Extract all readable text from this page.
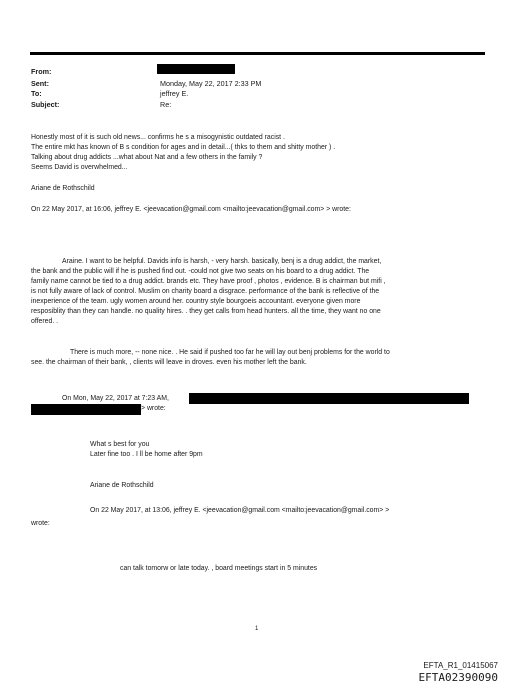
From:
Sent:	Monday, May 22, 2017 2:33 PM
To:	jeffrey E.
Subject:	Re:
Honestly most of it is such old news... confirms he s a misogynistic outdated racist .
The entire mkt has known of B s condition for ages and in detail...( thks to them and shitty mother ) .
Talking about drug addicts ...what about Nat and a few others in the family ?
Seems David is overwhelmed...
Ariane de Rothschild
On 22 May 2017, at 16:06, jeffrey E. <jeevacation@gmail.com <mailto:jeevacation@gmail.com> > wrote:
Araine. I want to be helpful. Davids info is harsh, - very harsh. basically, benj is a drug addict, the market,
the bank and the public will if he is pushed find out. -could not give two seats on his board to a drug addict. The
family name cannot be tied to a drug addict. brands etc. They have proof , photos , evidence. B is chairman but mifi ,
is not fully aware of lack of control. Muslim on charity board a disgrace. performance of the bank is reflective of the
inexperience of the team. ugly women around her. country style bourgoeis accountant. everyone given more
resposiblity than they can handle. no quality hires. . they get calls from head hunters. all the time, they want no one
offered. .
There is much more, -- none nice. . He said if pushed too far he will lay out benj problems for the world to
see. the chairman of their bank, , clients will leave in droves. even his mother left the bank.
On Mon, May 22, 2017 at 7:23 AM,
> wrote:
What s best for you
Later fine too . I ll be home after 9pm
Ariane de Rothschild
On 22 May 2017, at 13:06, jeffrey E. <jeevacation@gmail.com <mailto:jeevacation@gmail.com> >
wrote:
can talk tomorw or late today. , board meetings start in 5 minutes
1
EFTA_R1_01415067
EFTA02390090
